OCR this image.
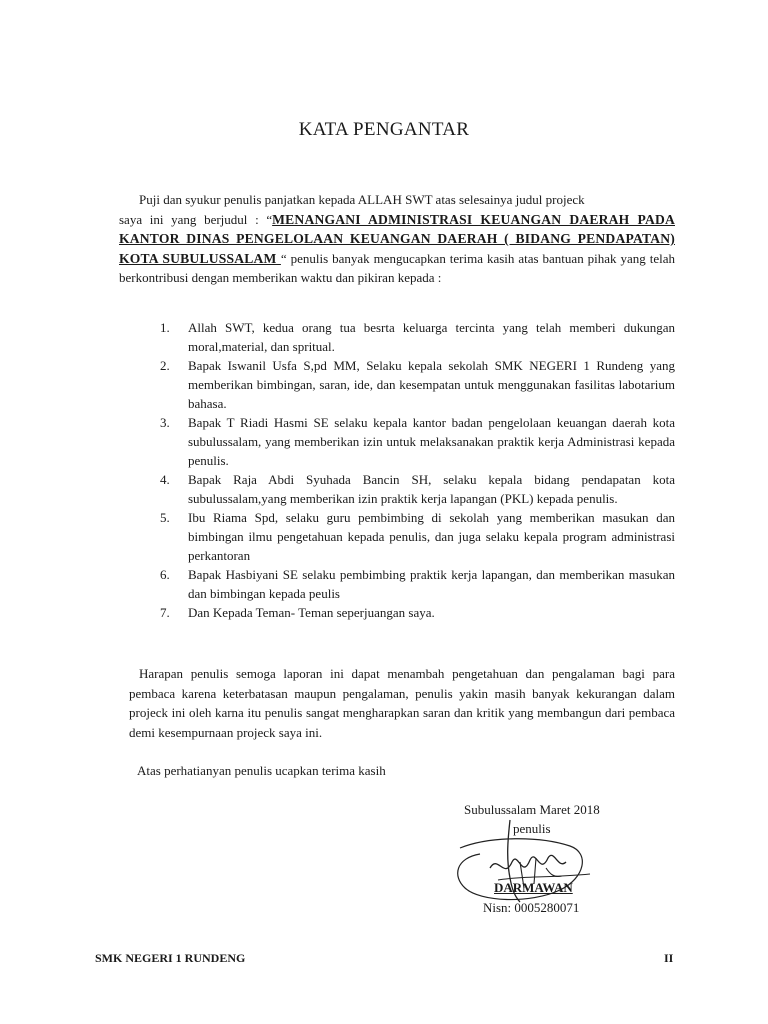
KATA PENGANTAR
Puji dan syukur penulis panjatkan kepada ALLAH SWT atas selesainya judul projeck
saya ini yang berjudul : “MENANGANI ADMINISTRASI KEUANGAN DAERAH PADA KANTOR DINAS PENGELOLAAN KEUANGAN DAERAH ( BIDANG PENDAPATAN) KOTA SUBULUSSALAM “ penulis banyak mengucapkan terima kasih atas bantuan pihak yang telah berkontribusi dengan memberikan waktu dan pikiran kepada :
1. Allah SWT, kedua orang tua besrta keluarga tercinta yang telah memberi dukungan moral,material, dan spritual.
2. Bapak Iswanil Usfa S,pd MM, Selaku kepala sekolah SMK NEGERI 1 Rundeng yang memberikan bimbingan, saran, ide, dan kesempatan untuk menggunakan fasilitas labotarium bahasa.
3. Bapak T Riadi Hasmi SE selaku kepala kantor badan pengelolaan keuangan daerah kota subulussalam, yang memberikan izin untuk melaksanakan praktik kerja Administrasi kepada penulis.
4. Bapak Raja Abdi Syuhada Bancin SH, selaku kepala bidang pendapatan kota subulussalam,yang memberikan izin praktik kerja lapangan (PKL) kepada penulis.
5. Ibu Riama Spd, selaku guru pembimbing di sekolah yang memberikan masukan dan bimbingan ilmu pengetahuan kepada penulis, dan juga selaku kepala program administrasi perkantoran
6. Bapak Hasbiyani SE selaku pembimbing praktik kerja lapangan, dan memberikan masukan dan bimbingan kepada peulis
7. Dan Kepada Teman- Teman seperjuangan saya.
Harapan penulis semoga laporan ini dapat menambah pengetahuan dan pengalaman bagi para pembaca karena keterbatasan maupun pengalaman, penulis yakin masih banyak kekurangan dalam projeck ini oleh karna itu penulis sangat mengharapkan saran dan kritik yang membangun dari pembaca demi kesempurnaan projeck saya ini.
Atas perhatianyan penulis ucapkan terima kasih
Subulussalam Maret 2018
penulis
DARMAWAN
Nisn: 0005280071
SMK NEGERI 1 RUNDENG	II
